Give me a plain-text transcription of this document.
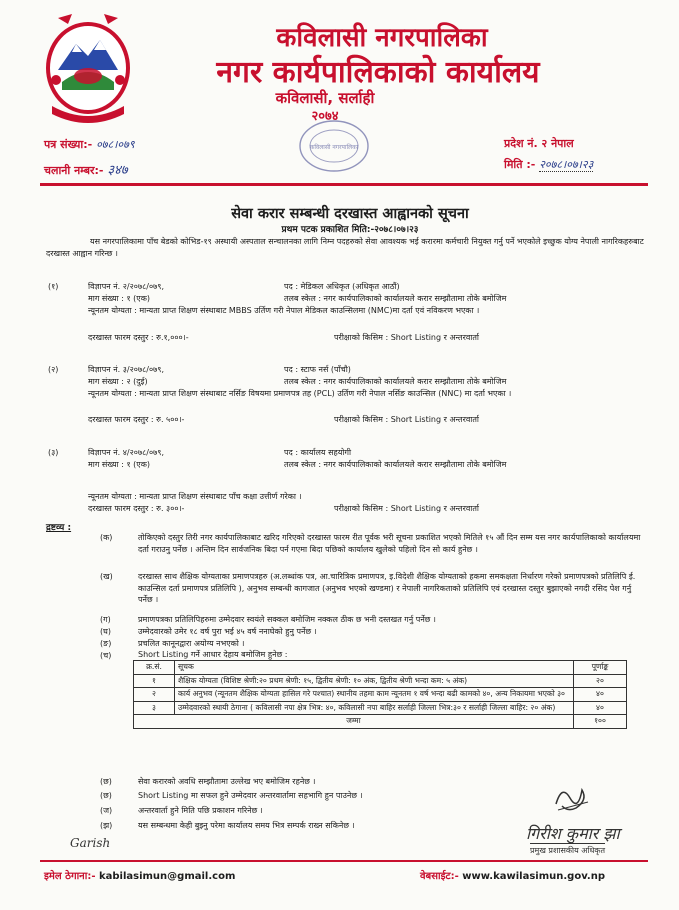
कविलासी नगरपालिका
नगर कार्यपालिकाको कार्यालय
कविलासी, सर्लाही
२०७४
कविलासी नगरपालिका
पत्र संख्या:- ०७८।०७९
चलानी नम्बर:- ३४७
प्रदेश नं. २ नेपाल
मिति :- २०७८।०७।२३
सेवा करार सम्बन्धी दरखास्त आह्वानको सूचना
प्रथम पटक प्रकाशित मिति:-२०७८।०७।२३
यस नगरपालिकामा पाँच बेडको कोभिड-१९ अस्थायी अस्पताल सन्चालनका लागि निम्न पदहरुको सेवा आवश्यक भई करारमा कर्मचारी नियुक्त गर्नु पर्ने भएकोले इच्छुक योग्य नेपाली नागरिकहरुबाट दरखास्त आह्वान गरिन्छ ।
(१)	विज्ञापन नं. २/२०७८/०७९,	पद : मेडिकल अधिकृत (अधिकृत आठौं)
माग संख्या : १ (एक)	तलब स्केल : नगर कार्यपालिकाको कार्यालयले करार सम्झौतामा तोके बमोजिम
न्यूनतम योग्यता : मान्यता प्राप्त शिक्षण संस्थाबाट MBBS उर्तिण गरी नेपाल मेडिकल काउन्सिलमा (NMC)मा दर्ता एवं नविकरण भएका ।
दरखास्त फारम दस्तुर : रु.१,०००।-	परीक्षाको किसिम : Short Listing र अन्तरवार्ता
(२)	विज्ञापन नं. ३/२०७८/०७९,	पद : स्टाफ नर्स (पाँचौ)
माग संख्या : २ (दुई)	तलब स्केल : नगर कार्यपालिकाको कार्यालयले करार सम्झौतामा तोके बमोजिम
न्यूनतम योग्यता : मान्यता प्राप्त शिक्षण संस्थाबाट नर्सिङ विषयमा प्रमाणपत्र तह (PCL) उर्तिण गरी नेपाल नर्सिङ काउन्सिल (NNC) मा दर्ता भएका ।
दरखास्त फारम दस्तुर : रु. ५००।-	परीक्षाको किसिम : Short Listing र अन्तरवार्ता
(३)	विज्ञापन नं. ४/२०७८/०७९,	पद : कार्यालय सहयोगी
माग संख्या : १ (एक)	तलब स्केल : नगर कार्यपालिकाको कार्यालयले करार सम्झौतामा तोके बमोजिम
न्यूनतम योग्यता : मान्यता प्राप्त शिक्षण संस्थाबाट पाँच कक्षा उत्तीर्ण गरेका ।
दरखास्त फारम दस्तुर : रु. ३००।-	परीक्षाको किसिम : Short Listing र अन्तरवार्ता
द्रष्टव्य :
(क)	तोकिएको दस्तुर तिरी नगर कार्यपालिकाबाट खरिद गरिएको दरखास्त फारम रीत पूर्वक भरी सूचना प्रकाशित भएको मितिले १५ औं दिन सम्म यस नगर कार्यपालिकाको कार्यालयमा दर्ता गराउनु पर्नेछ । अन्तिम दिन सार्वजनिक बिदा पर्न गएमा बिदा पछिको कार्यालय खुलेको पहिलो दिन सो कार्य हुनेछ ।
(ख)	दरखास्त साथ शैक्षिक योग्यताका प्रमाणपत्रहरु (अ.लब्धांक पत्र, आ.चारित्रिक प्रमाणपत्र, इ.विदेशी शैक्षिक योग्यताको हकमा समकक्षता निर्धारण गरेको प्रमाणपत्रको प्रतिलिपि ई. काउन्सिल दर्ता प्रमाणपत्र प्रतिलिपि ), अनुभव सम्बन्धी कागजात (अनुभव भएको खण्डमा) र नेपाली नागरिकताको प्रतिलिपि एवं दरखास्त दस्तुर बुझाएको नगदी रसिद पेश गर्नु पर्नेछ ।
(ग)	प्रमाणपत्रका प्रतिलिपिहरुमा उम्मेदवार स्वयंले सक्कल बमोजिम नक्कल ठीक छ भनी दस्तखत गर्नु पर्नेछ ।
(घ)	उम्मेदवारको उमेर १८ वर्ष पुरा भई ४५ वर्ष ननाघेको हुनु पर्नेछ ।
(ङ)	प्रचलित कानूनद्वारा अयोग्य नभएको ।
(च)	Short Listing गर्ने आधार देहाय बमोजिम हुनेछ :
क्र.सं.	सूचक	पूर्णाङ्क
१	शैक्षिक योग्यता (विशिष्ट श्रेणी:२० प्रथम श्रेणी: १५, द्वितीय श्रेणी: १० अंक, द्वितीय श्रेणी भन्दा कम: ५ अंक)	२०
२	कार्य अनुभव (न्यूनतम शैक्षिक योग्यता हासिल गरे पश्चात) स्थानीय तहमा काम न्यूनतम १ वर्ष भन्दा बढी कामको ४०, अन्य निकायमा भएको ३०	४०
३	उम्मेदवारको स्थायी ठेगाना ( कविलासी नपा क्षेत्र भित्र: ४०, कविलासी नपा बाहिर सर्लाही जिल्ला भित्र:३० र सर्लाही जिल्ला बाहिर: २० अंक)	४०
जम्मा		१००
(छ)	सेवा करारको अवधि सम्झौतामा उल्लेख भए बमोजिम रहनेछ ।
(छ)	Short Listing मा सफल हुने उम्मेदवार अन्तरवार्तामा सहभागि हुन पाउनेछ ।
(ज)	अन्तरवार्ता हुने मिति पछि प्रकाशन गरिनेछ ।
(झ)	यस सम्बन्धमा केही बुझ्नु परेमा कार्यालय समय भित्र सम्पर्क राख्न सकिनेछ ।	गिरीश कुमार झा
प्रमुख प्रशासकीय अधिकृत
Garish
इमेल ठेगाना:- kabilasimun@gmail.com	वेबसाईट:- www.kawilasimun.gov.np
